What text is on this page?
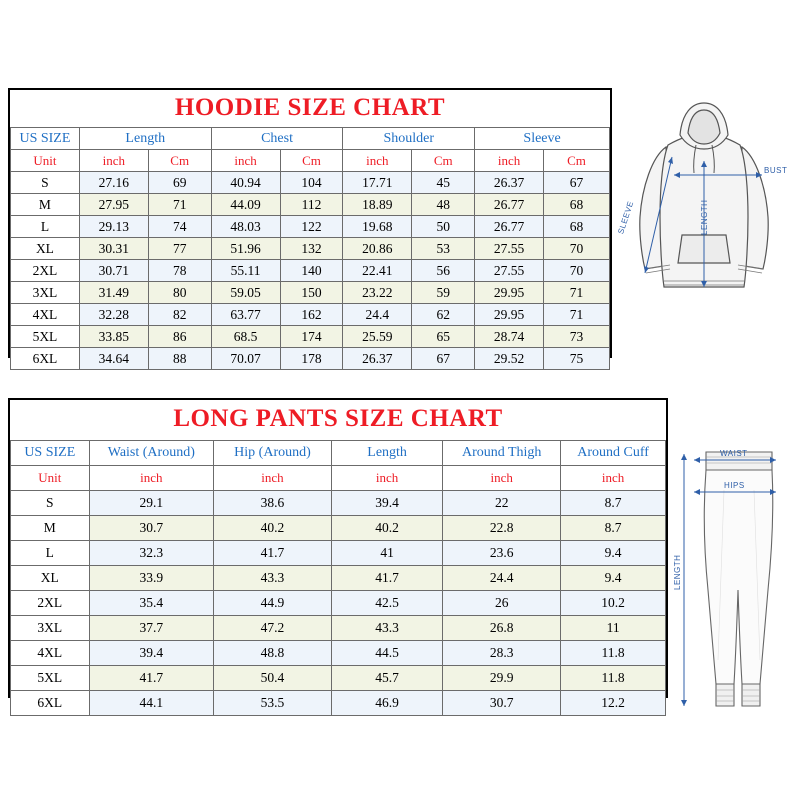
HOODIE SIZE CHART
US SIZE	Length		Chest		Shoulder		Sleeve	
Unit	inch	Cm	inch	Cm	inch	Cm	inch	Cm
S	27.16	69	40.94	104	17.71	45	26.37	67
M	27.95	71	44.09	112	18.89	48	26.77	68
L	29.13	74	48.03	122	19.68	50	26.77	68
XL	30.31	77	51.96	132	20.86	53	27.55	70
2XL	30.71	78	55.11	140	22.41	56	27.55	70
3XL	31.49	80	59.05	150	23.22	59	29.95	71
4XL	32.28	82	63.77	162	24.4	62	29.95	71
5XL	33.85	86	68.5	174	25.59	65	28.74	73
6XL	34.64	88	70.07	178	26.37	67	29.52	75
BUST
LENGTH
SLEEVE
LONG PANTS SIZE CHART
US SIZE	Waist (Around)	Hip (Around)	Length	Around Thigh	Around Cuff
Unit	inch	inch	inch	inch	inch
S	29.1	38.6	39.4	22	8.7
M	30.7	40.2	40.2	22.8	8.7
L	32.3	41.7	41	23.6	9.4
XL	33.9	43.3	41.7	24.4	9.4
2XL	35.4	44.9	42.5	26	10.2
3XL	37.7	47.2	43.3	26.8	11
4XL	39.4	48.8	44.5	28.3	11.8
5XL	41.7	50.4	45.7	29.9	11.8
6XL	44.1	53.5	46.9	30.7	12.2
WAIST
HIPS
LENGTH
